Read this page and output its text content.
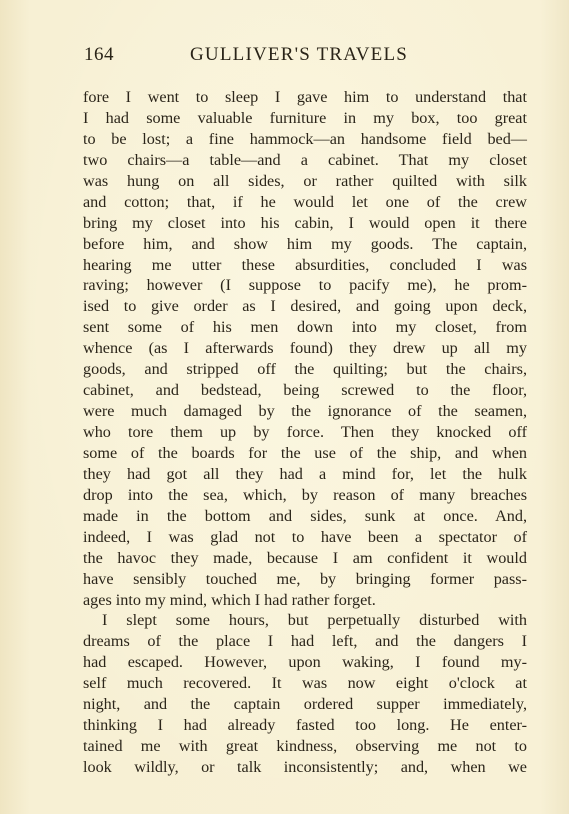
164	GULLIVER'S TRAVELS
fore I went to sleep I gave him to understand that
I had some valuable furniture in my box, too great
to be lost; a fine hammock—an handsome field bed—
two chairs—a table—and a cabinet. That my closet
was hung on all sides, or rather quilted with silk
and cotton; that, if he would let one of the crew
bring my closet into his cabin, I would open it there
before him, and show him my goods. The captain,
hearing me utter these absurdities, concluded I was
raving; however (I suppose to pacify me), he prom-
ised to give order as I desired, and going upon deck,
sent some of his men down into my closet, from
whence (as I afterwards found) they drew up all my
goods, and stripped off the quilting; but the chairs,
cabinet, and bedstead, being screwed to the floor,
were much damaged by the ignorance of the seamen,
who tore them up by force. Then they knocked off
some of the boards for the use of the ship, and when
they had got all they had a mind for, let the hulk
drop into the sea, which, by reason of many breaches
made in the bottom and sides, sunk at once. And,
indeed, I was glad not to have been a spectator of
the havoc they made, because I am confident it would
have sensibly touched me, by bringing former pass-
ages into my mind, which I had rather forget.
I slept some hours, but perpetually disturbed with
dreams of the place I had left, and the dangers I
had escaped. However, upon waking, I found my-
self much recovered. It was now eight o'clock at
night, and the captain ordered supper immediately,
thinking I had already fasted too long. He enter-
tained me with great kindness, observing me not to
look wildly, or talk inconsistently; and, when we
